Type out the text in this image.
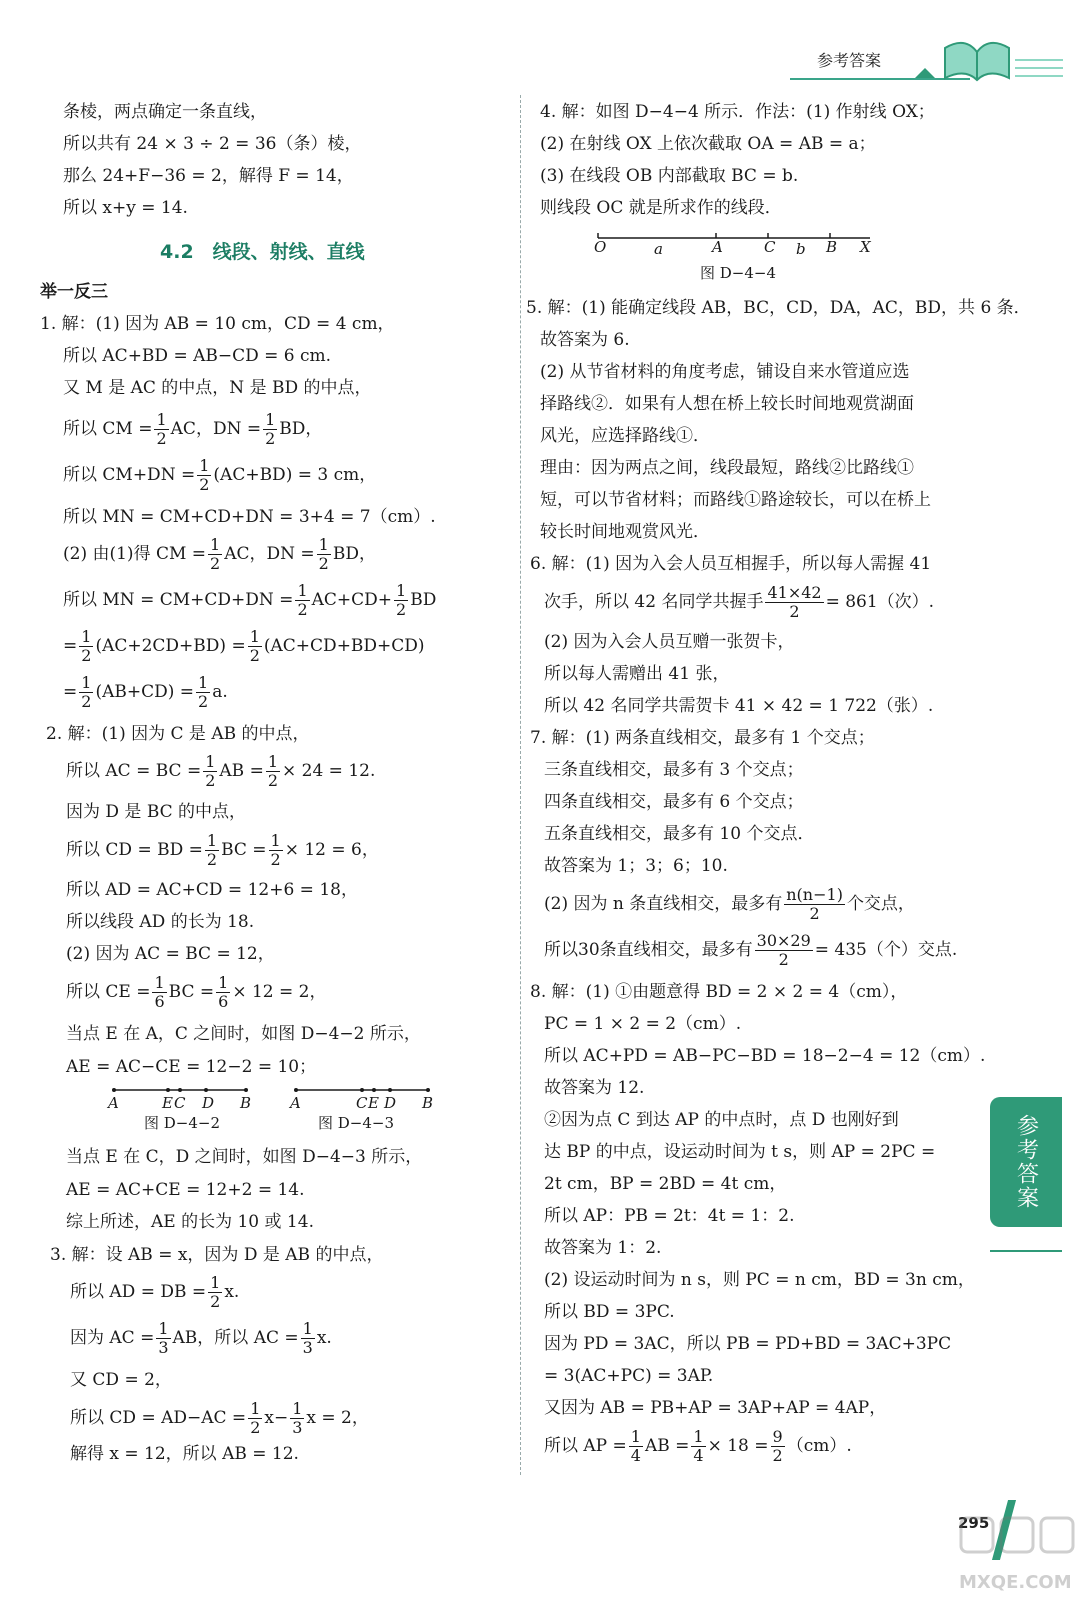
参考答案
条棱，两点确定一条直线，
所以共有 24 × 3 ÷ 2 = 36（条）棱，
那么 24+F−36 = 2，解得 F = 14，
所以 x+y = 14.
4.2　线段、射线、直线
举一反三
1. 解：(1) 因为 AB = 10 cm，CD = 4 cm，
所以 AC+BD = AB−CD = 6 cm.
又 M 是 AC 的中点，N 是 BD 的中点，
所以 CM = $\frac{1}{2}$ AC，DN = $\frac{1}{2}$ BD，
所以 $CM+DN = \frac{1}{2} (AC+BD) = 3$ cm，
所以 MN = CM+CD+DN = 3+4 = 7（cm）.
(2) 由(1)得 CM = $\frac{1}{2}$ AC，DN = $\frac{1}{2}$ BD，
所以 MN = $CM+CD+DN = \frac{1}{2} AC+CD+ \frac{1}{2}$ BD
= $\frac{1}{2} (AC+2CD+BD) = \frac{1}{2} (AC+CD+BD+CD)$
= $\frac{1}{2} (AB+CD) = \frac{1}{2} a$.
2. 解：(1) 因为 C 是 AB 的中点，
所以 AC = BC = $\frac{1}{2}$ AB = $\frac{1}{2} \times 24 = 12$.
因为 D 是 BC 的中点，
所以 CD = BD = $\frac{1}{2}$ BC = $\frac{1}{2} \times 12 = 6$，
所以 AD = AC+CD = 12+6 = 18，
所以线段 AD 的长为 18.
(2) 因为 AC = BC = 12，
所以 CE = $\frac{1}{6}$ BC = $\frac{1}{6} \times 12 = 2$，
当点 E 在 A，C 之间时，如图 D−4−2 所示，
AE = AC−CE = 12−2 = 10；
A	E C D B
图 D−4−2
A	C E D B
图 D−4−3
当点 E 在 C，D 之间时，如图 D−4−3 所示，
AE = AC+CE = 12+2 = 14.
综上所述，AE 的长为 10 或 14.
3. 解：设 AB = x，因为 D 是 AB 的中点，
所以 AD = DB = $\frac{1}{2} x$.
因为 AC = $\frac{1}{3}$ AB，所以 AC = $\frac{1}{3} x$.
又 CD = 2，
所以 CD = $AD-AC = \frac{1}{2} x- \frac{1}{3}$ x = 2，
解得 x = 12，所以 AB = 12.
4. 解：如图 D−4−4 所示．作法：(1) 作射线 OX；
(2) 在射线 OX 上依次截取 OA = AB = a；
(3) 在线段 OB 内部截取 BC = b.
则线段 OC 就是所求作的线段．
O	a	A	C b B X
图 D−4−4
5. 解：(1) 能确定线段 AB，BC，CD，DA，AC，BD，共 6 条．
故答案为 6.
(2) 从节省材料的角度考虑，铺设自来水管道应选
择路线②．如果有人想在桥上较长时间地观赏湖面
风光，应选择路线①．
理由：因为两点之间，线段最短，路线②比路线①
短，可以节省材料；而路线①路途较长，可以在桥上
较长时间地观赏风光．
6. 解：(1) 因为入会人员互相握手，所以每人需握 41
次手，所以 42 名同学共握手 $\frac{41\times 42}{2} = 861$（次）.
(2) 因为入会人员互赠一张贺卡，
所以每人需赠出 41 张，
所以 42 名同学共需贺卡 41 × 42 = 1 722（张）.
7. 解：(1) 两条直线相交，最多有 1 个交点；
三条直线相交，最多有 3 个交点；
四条直线相交，最多有 6 个交点；
五条直线相交，最多有 10 个交点．
故答案为 1；3；6；10.
(2) 因为 n 条直线相交，最多有 $\frac{n(n-1)}{2}$ 个交点，
所以30条直线相交，最多有 $\frac{30\times 29}{2} = 435$（个）交点.
8. 解：(1) ①由题意得 BD = 2 × 2 = 4（cm），
PC = 1 × 2 = 2（cm）.
所以 AC+PD = AB−PC−BD = 18−2−4 = 12（cm）.
故答案为 12.
②因为点 C 到达 AP 的中点时，点 D 也刚好到
达 BP 的中点，设运动时间为 t s，则 AP = 2PC =
2t cm，BP = 2BD = 4t cm，
所以 AP：PB = 2t：4t = 1：2.
故答案为 1：2.
(2) 设运动时间为 n s，则 PC = n cm，BD = 3n cm，
所以 BD = 3PC.
因为 PD = 3AC，所以 PB = PD+BD = 3AC+3PC
= 3(AC+PC) = 3AP.
又因为 AB = PB+AP = 3AP+AP = 4AP，
所以 AP = $\frac{1}{4}$ AB = $\frac{1}{4} \times 18 = \frac{9}{2} (cm)$.
参考答案
295
MXQE.COM
